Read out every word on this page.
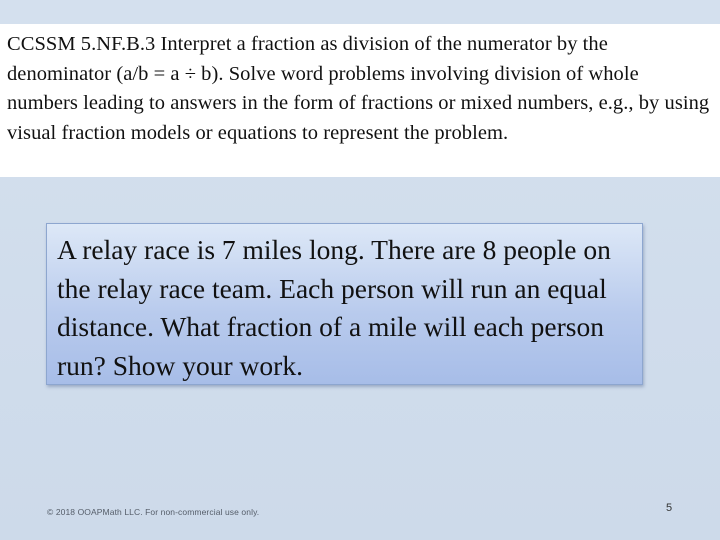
CCSSM 5.NF.B.3 Interpret a fraction as division of the numerator by the denominator (a/b = a ÷ b). Solve word problems involving division of whole numbers leading to answers in the form of fractions or mixed numbers, e.g., by using visual fraction models or equations to represent the problem.
A relay race is 7 miles long. There are 8 people on the relay race team. Each person will run an equal distance. What fraction of a mile will each person run? Show your work.
© 2018 OOAPMath LLC. For non-commercial use only.	5
